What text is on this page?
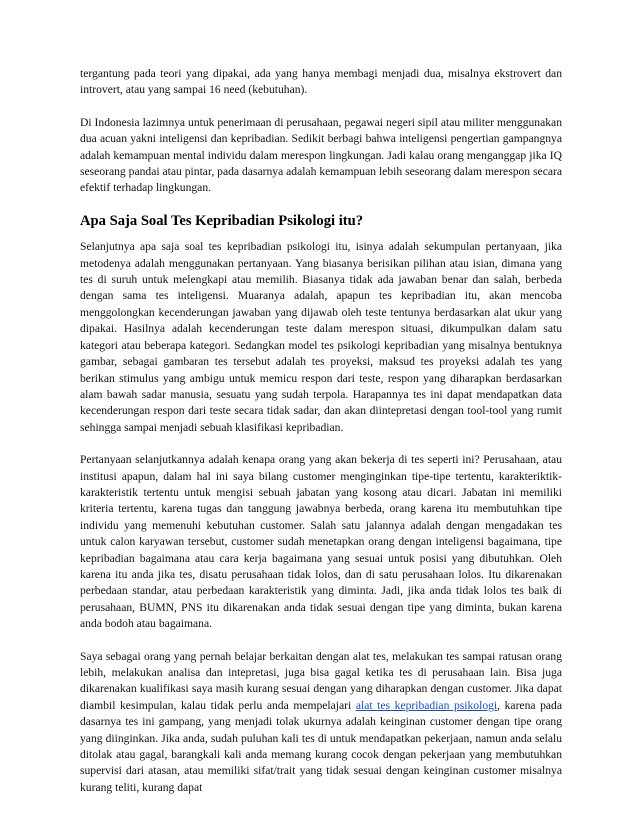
tergantung pada teori yang dipakai, ada yang hanya membagi menjadi dua, misalnya ekstrovert dan introvert, atau yang sampai 16 need (kebutuhan).

Di Indonesia lazimnya untuk penerimaan di perusahaan, pegawai negeri sipil atau militer menggunakan dua acuan yakni inteligensi dan kepribadian. Sedikit berbagi bahwa inteligensi pengertian gampangnya adalah kemampuan mental individu dalam merespon lingkungan. Jadi kalau orang menganggap jika IQ seseorang pandai atau pintar, pada dasarnya adalah kemampuan lebih seseorang dalam merespon secara efektif terhadap lingkungan.

Apa Saja Soal Tes Kepribadian Psikologi itu?

Selanjutnya apa saja soal tes kepribadian psikologi itu, isinya adalah sekumpulan pertanyaan, jika metodenya adalah menggunakan pertanyaan. Yang biasanya berisikan pilihan atau isian, dimana yang tes di suruh untuk melengkapi atau memilih. Biasanya tidak ada jawaban benar dan salah, berbeda dengan sama tes inteligensi. Muaranya adalah, apapun tes kepribadian itu, akan mencoba menggolongkan kecenderungan jawaban yang dijawab oleh teste tentunya berdasarkan alat ukur yang dipakai. Hasilnya adalah kecenderungan teste dalam merespon situasi, dikumpulkan dalam satu kategori atau beberapa kategori. Sedangkan model tes psikologi kepribadian yang misalnya bentuknya gambar, sebagai gambaran tes tersebut adalah tes proyeksi, maksud tes proyeksi adalah tes yang berikan stimulus yang ambigu untuk memicu respon dari teste, respon yang diharapkan berdasarkan alam bawah sadar manusia, sesuatu yang sudah terpola. Harapannya tes ini dapat mendapatkan data kecenderungan respon dari teste secara tidak sadar, dan akan diintepretasi dengan tool-tool yang rumit sehingga sampai menjadi sebuah klasifikasi kepribadian.

Pertanyaan selanjutkannya adalah kenapa orang yang akan bekerja di tes seperti ini? Perusahaan, atau institusi apapun, dalam hal ini saya bilang customer menginginkan tipe-tipe tertentu, karakteriktik-karakteristik tertentu untuk mengisi sebuah jabatan yang kosong atau dicari. Jabatan ini memiliki kriteria tertentu, karena tugas dan tanggung jawabnya berbeda, orang karena itu membutuhkan tipe individu yang memenuhi kebutuhan customer. Salah satu jalannya adalah dengan mengadakan tes untuk calon karyawan tersebut, customer sudah menetapkan orang dengan inteligensi bagaimana, tipe kepribadian bagaimana atau cara kerja bagaimana yang sesuai untuk posisi yang dibutuhkan. Oleh karena itu anda jika tes, disatu perusahaan tidak lolos, dan di satu perusahaan lolos. Itu dikarenakan perbedaan standar, atau perbedaan karakteristik yang diminta. Jadi, jika anda tidak lolos tes baik di perusahaan, BUMN, PNS itu dikarenakan anda tidak sesuai dengan tipe yang diminta, bukan karena anda bodoh atau bagaimana.

Saya sebagai orang yang pernah belajar berkaitan dengan alat tes, melakukan tes sampai ratusan orang lebih, melakukan analisa dan intepretasi, juga bisa gagal ketika tes di perusahaan lain. Bisa juga dikarenakan kualifikasi saya masih kurang sesuai dengan yang diharapkan dengan customer. Jika dapat diambil kesimpulan, kalau tidak perlu anda mempelajari alat tes kepribadian psikologi, karena pada dasarnya tes ini gampang, yang menjadi tolak ukurnya adalah keinginan customer dengan tipe orang yang diinginkan. Jika anda, sudah puluhan kali tes di untuk mendapatkan pekerjaan, namun anda selalu ditolak atau gagal, barangkali kali anda memang kurang cocok dengan pekerjaan yang membutuhkan supervisi dari atasan, atau memiliki sifat/trait yang tidak sesuai dengan keinginan customer misalnya kurang teliti, kurang dapat
